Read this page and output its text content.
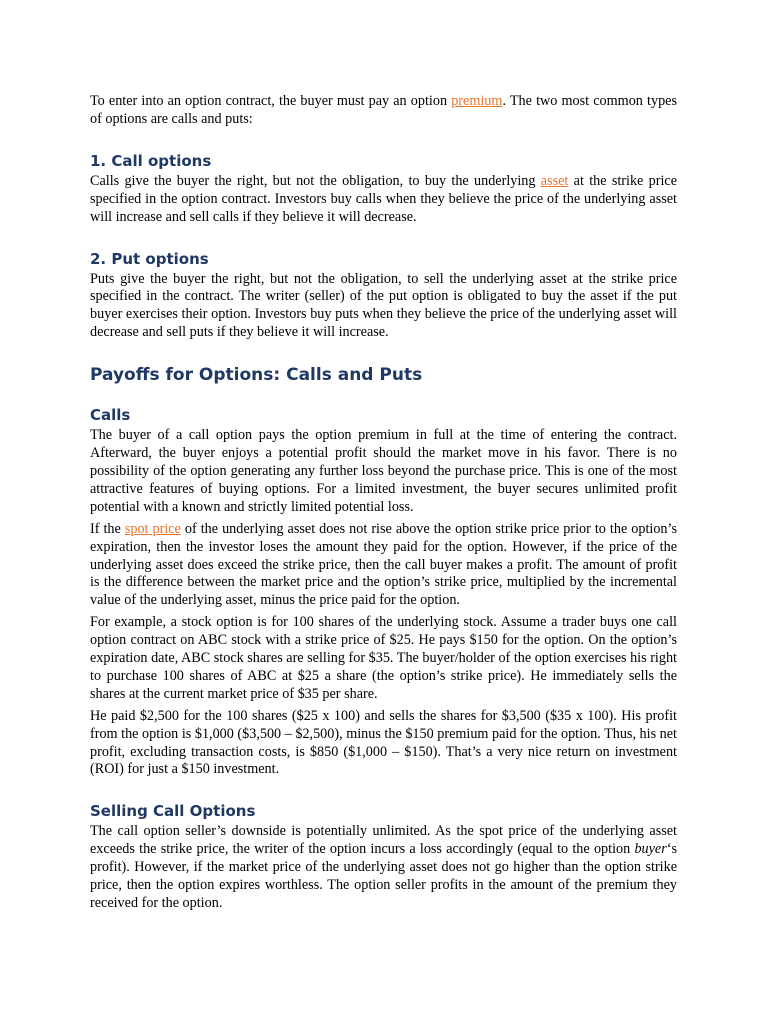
To enter into an option contract, the buyer must pay an option premium. The two most common types of options are calls and puts:

1. Call options

Calls give the buyer the right, but not the obligation, to buy the underlying asset at the strike price specified in the option contract. Investors buy calls when they believe the price of the underlying asset will increase and sell calls if they believe it will decrease.

2. Put options

Puts give the buyer the right, but not the obligation, to sell the underlying asset at the strike price specified in the contract. The writer (seller) of the put option is obligated to buy the asset if the put buyer exercises their option. Investors buy puts when they believe the price of the underlying asset will decrease and sell puts if they believe it will increase.

Payoffs for Options: Calls and Puts
Calls

The buyer of a call option pays the option premium in full at the time of entering the contract. Afterward, the buyer enjoys a potential profit should the market move in his favor. There is no possibility of the option generating any further loss beyond the purchase price. This is one of the most attractive features of buying options. For a limited investment, the buyer secures unlimited profit potential with a known and strictly limited potential loss.

If the spot price of the underlying asset does not rise above the option strike price prior to the option’s expiration, then the investor loses the amount they paid for the option. However, if the price of the underlying asset does exceed the strike price, then the call buyer makes a profit. The amount of profit is the difference between the market price and the option’s strike price, multiplied by the incremental value of the underlying asset, minus the price paid for the option.

For example, a stock option is for 100 shares of the underlying stock. Assume a trader buys one call option contract on ABC stock with a strike price of $25. He pays $150 for the option. On the option’s expiration date, ABC stock shares are selling for $35. The buyer/holder of the option exercises his right to purchase 100 shares of ABC at $25 a share (the option’s strike price). He immediately sells the shares at the current market price of $35 per share.

He paid $2,500 for the 100 shares ($25 x 100) and sells the shares for $3,500 ($35 x 100). His profit from the option is $1,000 ($3,500 – $2,500), minus the $150 premium paid for the option. Thus, his net profit, excluding transaction costs, is $850 ($1,000 – $150). That’s a very nice return on investment (ROI) for just a $150 investment.

Selling Call Options

The call option seller’s downside is potentially unlimited. As the spot price of the underlying asset exceeds the strike price, the writer of the option incurs a loss accordingly (equal to the option buyer‘s profit). However, if the market price of the underlying asset does not go higher than the option strike price, then the option expires worthless. The option seller profits in the amount of the premium they received for the option.
